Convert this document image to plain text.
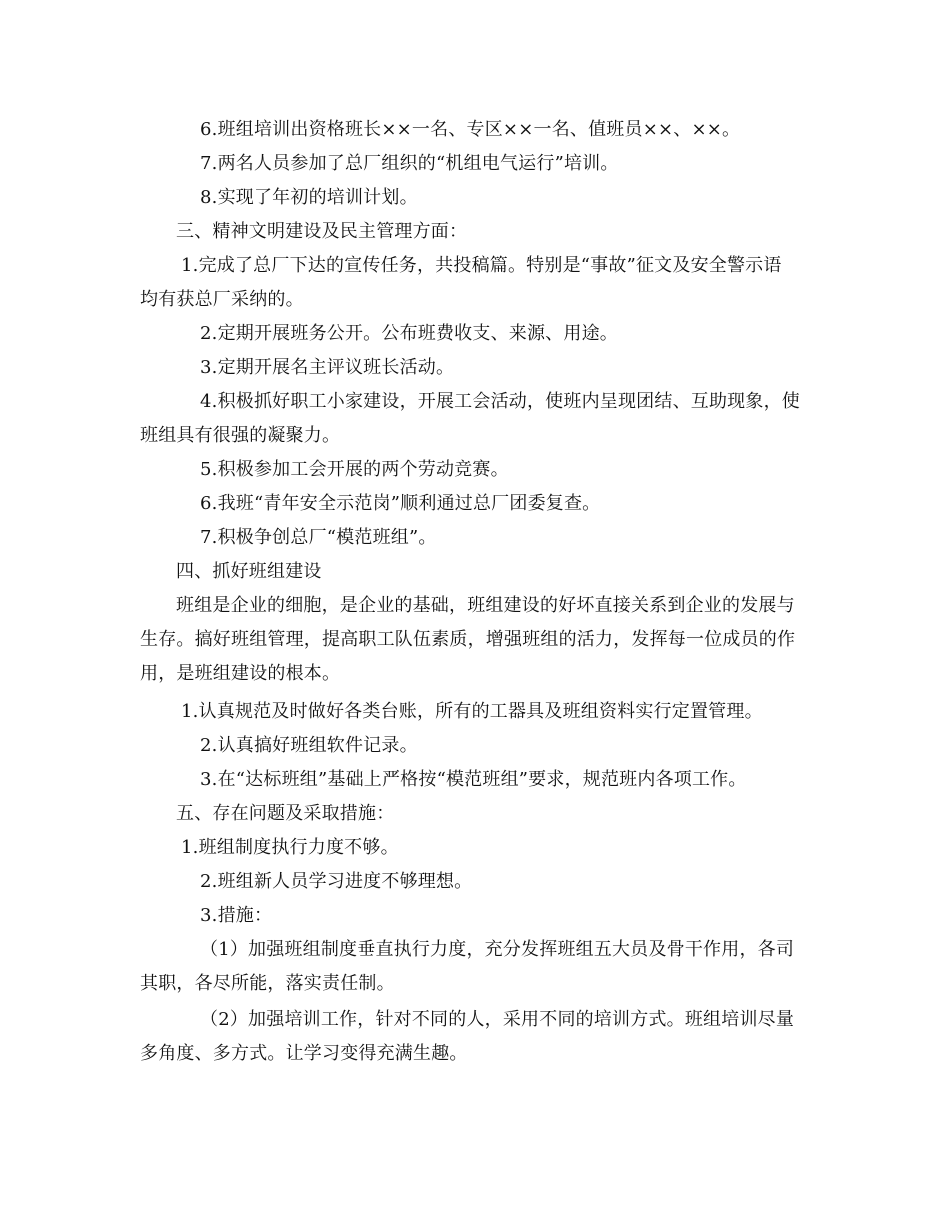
6.班组培训出资格班长××一名、专区××一名、值班员××、××。
7.两名人员参加了总厂组织的“机组电气运行”培训。
8.实现了年初的培训计划。
三、精神文明建设及民主管理方面：
1.完成了总厂下达的宣传任务，共投稿篇。特别是“事故”征文及安全警示语
均有获总厂采纳的。
2.定期开展班务公开。公布班费收支、来源、用途。
3.定期开展名主评议班长活动。
4.积极抓好职工小家建设，开展工会活动，使班内呈现团结、互助现象，使
班组具有很强的凝聚力。
5.积极参加工会开展的两个劳动竞赛。
6.我班“青年安全示范岗”顺利通过总厂团委复查。
7.积极争创总厂“模范班组”。
四、抓好班组建设
班组是企业的细胞，是企业的基础，班组建设的好坏直接关系到企业的发展与
生存。搞好班组管理，提高职工队伍素质，增强班组的活力，发挥每一位成员的作
用，是班组建设的根本。
1.认真规范及时做好各类台账，所有的工器具及班组资料实行定置管理。
2.认真搞好班组软件记录。
3.在“达标班组”基础上严格按“模范班组”要求，规范班内各项工作。
五、存在问题及采取措施：
1.班组制度执行力度不够。
2.班组新人员学习进度不够理想。
3.措施：
（1）加强班组制度垂直执行力度，充分发挥班组五大员及骨干作用，各司
其职，各尽所能，落实责任制。
（2）加强培训工作，针对不同的人，采用不同的培训方式。班组培训尽量
多角度、多方式。让学习变得充满生趣。
